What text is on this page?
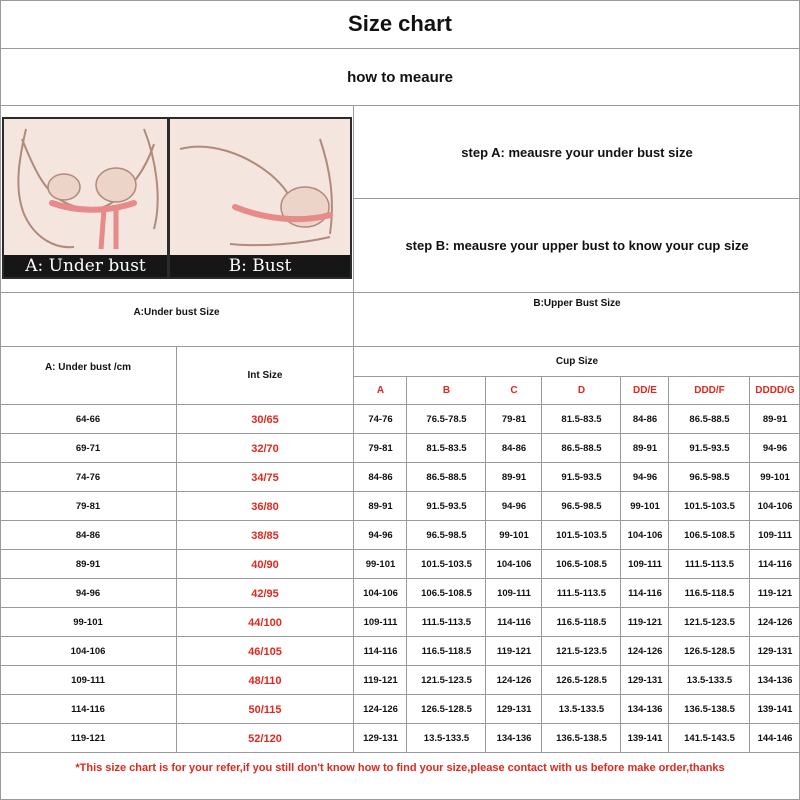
Size chart
how to meaure
A: Under bust	B: Bust
step A: meausre your under bust size
step B: meausre your upper bust to know your cup size
A:Under bust Size
B:Upper Bust Size
A: Under bust /cm
Int Size
Cup Size
A	B	C	D	DD/E	DDD/F	DDDD/G
64-66	30/65	74-76	76.5-78.5	79-81	81.5-83.5	84-86	86.5-88.5	89-91
69-71	32/70	79-81	81.5-83.5	84-86	86.5-88.5	89-91	91.5-93.5	94-96
74-76	34/75	84-86	86.5-88.5	89-91	91.5-93.5	94-96	96.5-98.5	99-101
79-81	36/80	89-91	91.5-93.5	94-96	96.5-98.5	99-101	101.5-103.5	104-106
84-86	38/85	94-96	96.5-98.5	99-101	101.5-103.5	104-106	106.5-108.5	109-111
89-91	40/90	99-101	101.5-103.5	104-106	106.5-108.5	109-111	111.5-113.5	114-116
94-96	42/95	104-106	106.5-108.5	109-111	111.5-113.5	114-116	116.5-118.5	119-121
99-101	44/100	109-111	111.5-113.5	114-116	116.5-118.5	119-121	121.5-123.5	124-126
104-106	46/105	114-116	116.5-118.5	119-121	121.5-123.5	124-126	126.5-128.5	129-131
109-111	48/110	119-121	121.5-123.5	124-126	126.5-128.5	129-131	13.5-133.5	134-136
114-116	50/115	124-126	126.5-128.5	129-131	13.5-133.5	134-136	136.5-138.5	139-141
119-121	52/120	129-131	13.5-133.5	134-136	136.5-138.5	139-141	141.5-143.5	144-146
*This size chart is for your refer,if you still don't know how to find your size,please contact with us before make order,thanks
